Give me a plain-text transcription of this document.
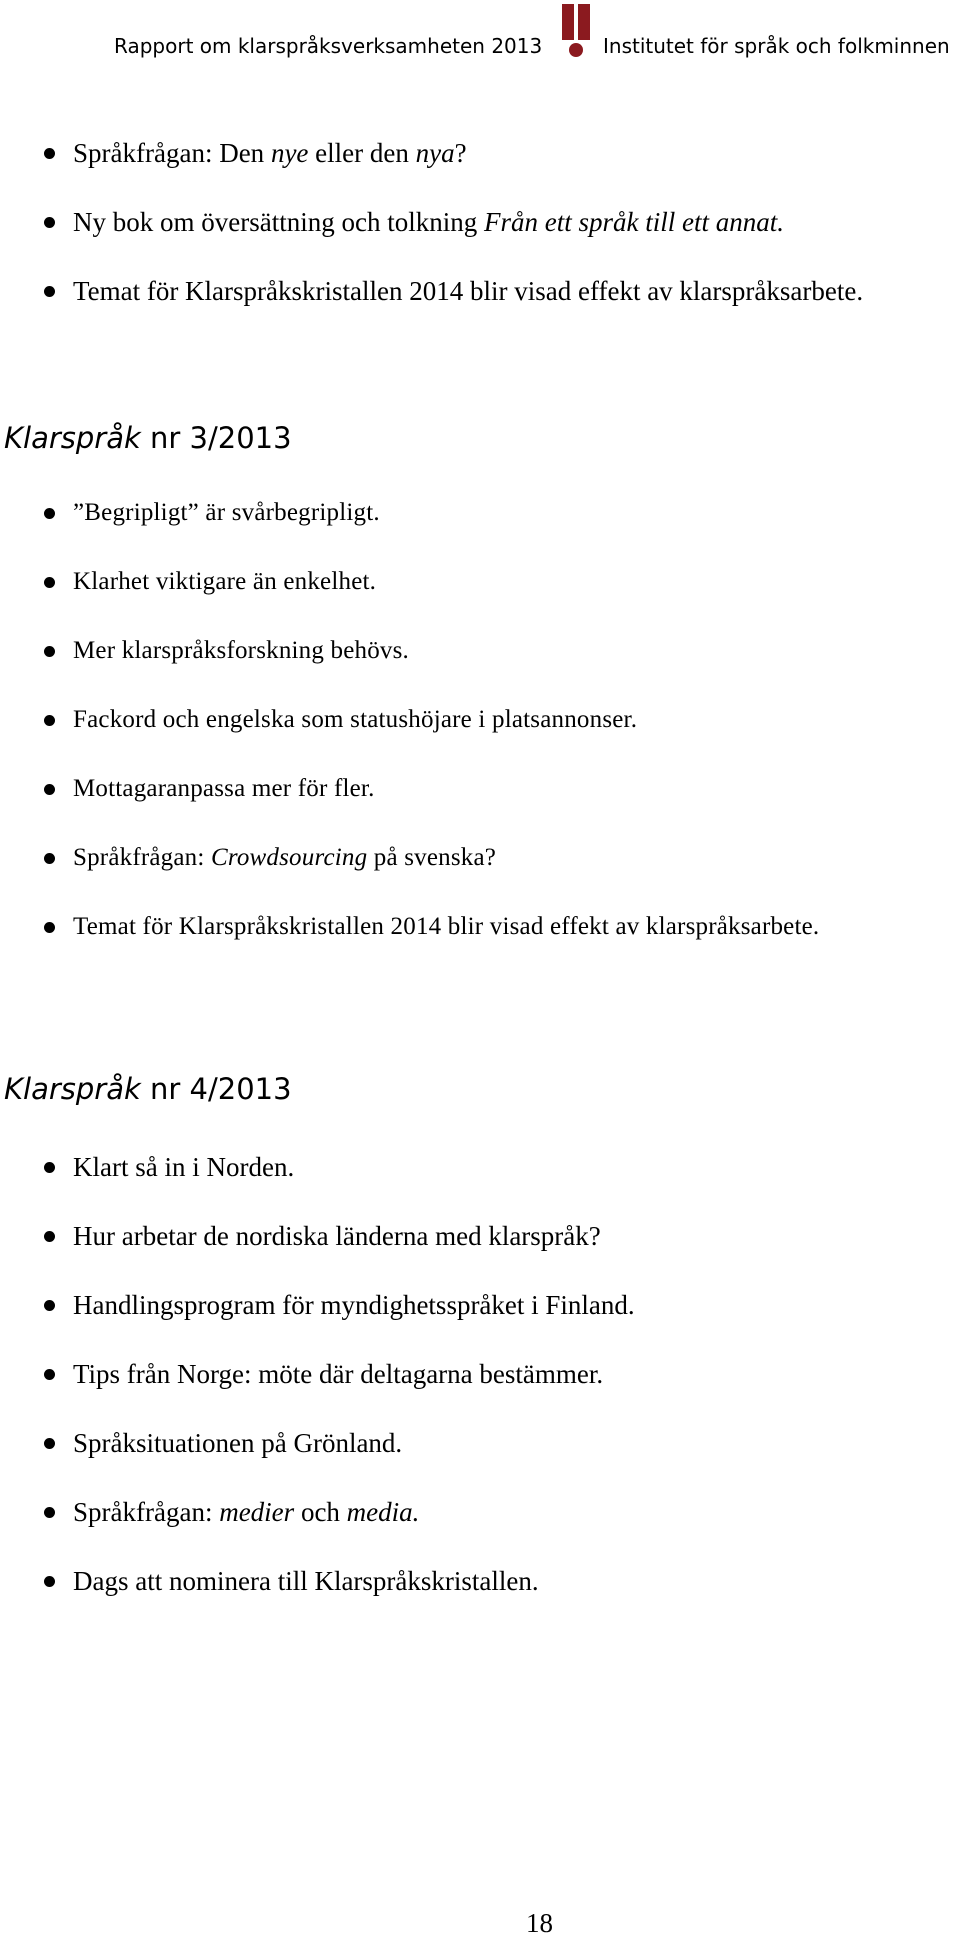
Rapport om klarspråksverksamheten 2013	Institutet för språk och folkminnen
Språkfrågan: Den nye eller den nya?
Ny bok om översättning och tolkning Från ett språk till ett annat.
Temat för Klarspråkskristallen 2014 blir visad effekt av klarspråksarbete.
Klarspråk nr 3/2013
”Begripligt” är svårbegripligt.
Klarhet viktigare än enkelhet.
Mer klarspråksforskning behövs.
Fackord och engelska som statushöjare i platsannonser.
Mottagaranpassa mer för fler.
Språkfrågan: Crowdsourcing på svenska?
Temat för Klarspråkskristallen 2014 blir visad effekt av klarspråksarbete.
Klarspråk nr 4/2013
Klart så in i Norden.
Hur arbetar de nordiska länderna med klarspråk?
Handlingsprogram för myndighetsspråket i Finland.
Tips från Norge: möte där deltagarna bestämmer.
Språksituationen på Grönland.
Språkfrågan: medier och media.
Dags att nominera till Klarspråkskristallen.
18
